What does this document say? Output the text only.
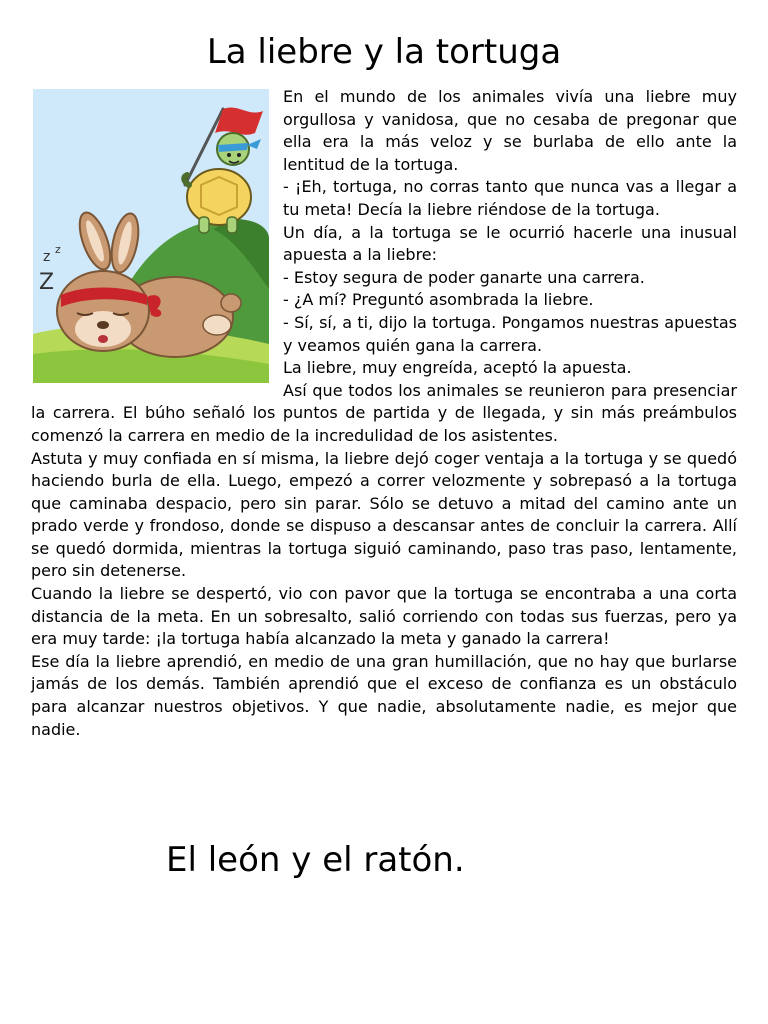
La liebre y la tortuga
z z
Z

En el mundo de los animales vivía una liebre muy orgullosa y vanidosa, que no cesaba de pregonar que ella era la más veloz y se burlaba de ello ante la lentitud de la tortuga.

- ¡Eh, tortuga, no corras tanto que nunca vas a llegar a tu meta! Decía la liebre riéndose de la tortuga.

Un día, a la tortuga se le ocurrió hacerle una inusual apuesta a la liebre:

- Estoy segura de poder ganarte una carrera.

- ¿A mí? Preguntó asombrada la liebre.

- Sí, sí, a ti, dijo la tortuga. Pongamos nuestras apuestas y veamos quién gana la carrera.

La liebre, muy engreída, aceptó la apuesta.

Así que todos los animales se reunieron para presenciar la carrera. El búho señaló los puntos de partida y de llegada, y sin más preámbulos comenzó la carrera en medio de la incredulidad de los asistentes.

Astuta y muy confiada en sí misma, la liebre dejó coger ventaja a la tortuga y se quedó haciendo burla de ella. Luego, empezó a correr velozmente y sobrepasó a la tortuga que caminaba despacio, pero sin parar. Sólo se detuvo a mitad del camino ante un prado verde y frondoso, donde se dispuso a descansar antes de concluir la carrera. Allí se quedó dormida, mientras la tortuga siguió caminando, paso tras paso, lentamente, pero sin detenerse.

Cuando la liebre se despertó, vio con pavor que la tortuga se encontraba a una corta distancia de la meta. En un sobresalto, salió corriendo con todas sus fuerzas, pero ya era muy tarde: ¡la tortuga había alcanzado la meta y ganado la carrera!

Ese día la liebre aprendió, en medio de una gran humillación, que no hay que burlarse jamás de los demás. También aprendió que el exceso de confianza es un obstáculo para alcanzar nuestros objetivos. Y que nadie, absolutamente nadie, es mejor que nadie.

El león y el ratón.
